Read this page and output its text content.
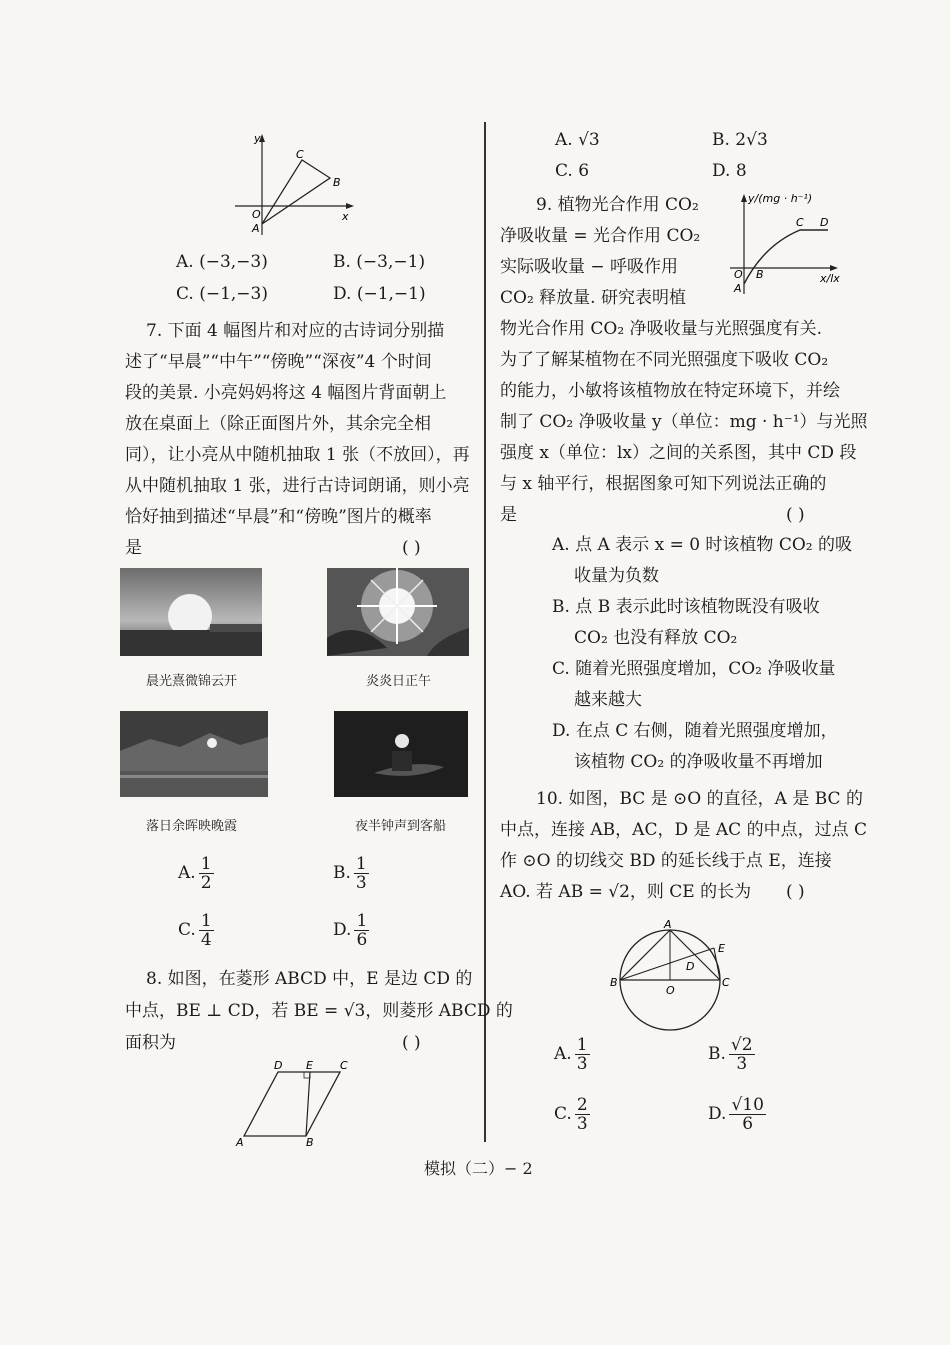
y
x
O
A
B
C
A. (−3,−3)	B. (−3,−1)
C. (−1,−3)	D. (−1,−1)
7. 下面 4 幅图片和对应的古诗词分别描
述了“早晨”“中午”“傍晚”“深夜”4 个时间
段的美景. 小亮妈妈将这 4 幅图片背面朝上
放在桌面上（除正面图片外，其余完全相
同），让小亮从中随机抽取 1 张（不放回），再
从中随机抽取 1 张，进行古诗词朗诵，则小亮
恰好抽到描述“早晨”和“傍晚”图片的概率
是	( )
晨光熹微锦云开	炎炎日正午
落日余晖映晚霞	夜半钟声到客船
A. $\frac{1}{2}$	B. $\frac{1}{3}$
C. $\frac{1}{4}$	D. $\frac{1}{6}$
8. 如图，在菱形 ABCD 中，E 是边 CD 的
中点，BE ⊥ CD，若 BE = √3，则菱形 ABCD 的
面积为	( )
A	B
C
D E
A. √3	B. 2√3
C. 6	D. 8
9. 植物光合作用 CO₂
净吸收量 = 光合作用 CO₂
实际吸收量 − 呼吸作用
CO₂ 释放量. 研究表明植
物光合作用 CO₂ 净吸收量与光照强度有关.
为了了解某植物在不同光照强度下吸收 CO₂
的能力，小敏将该植物放在特定环境下，并绘
制了 CO₂ 净吸收量 y（单位：mg · h⁻¹）与光照
强度 x（单位：lx）之间的关系图，其中 CD 段
与 x 轴平行，根据图象可知下列说法正确的
是	( )
y/(mg · h⁻¹)
x/lx
O
A
B
C D
A. 点 A 表示 x = 0 时该植物 CO₂ 的吸
收量为负数
B. 点 B 表示此时该植物既没有吸收
CO₂ 也没有释放 CO₂
C. 随着光照强度增加，CO₂ 净吸收量
越来越大
D. 在点 C 右侧，随着光照强度增加，
该植物 CO₂ 的净吸收量不再增加
10. 如图，BC 是 ⊙O 的直径，A 是 BC 的
中点，连接 AB，AC，D 是 AC 的中点，过点 C
作 ⊙O 的切线交 BD 的延长线于点 E，连接
AO. 若 AB = √2，则 CE 的长为 ( )
A
B	C
D
E
O
A. $\frac{1}{3}$	B. $\frac{√2}{3}$
C. $\frac{2}{3}$	D. $\frac{√10}{6}$
模拟（二）− 2
